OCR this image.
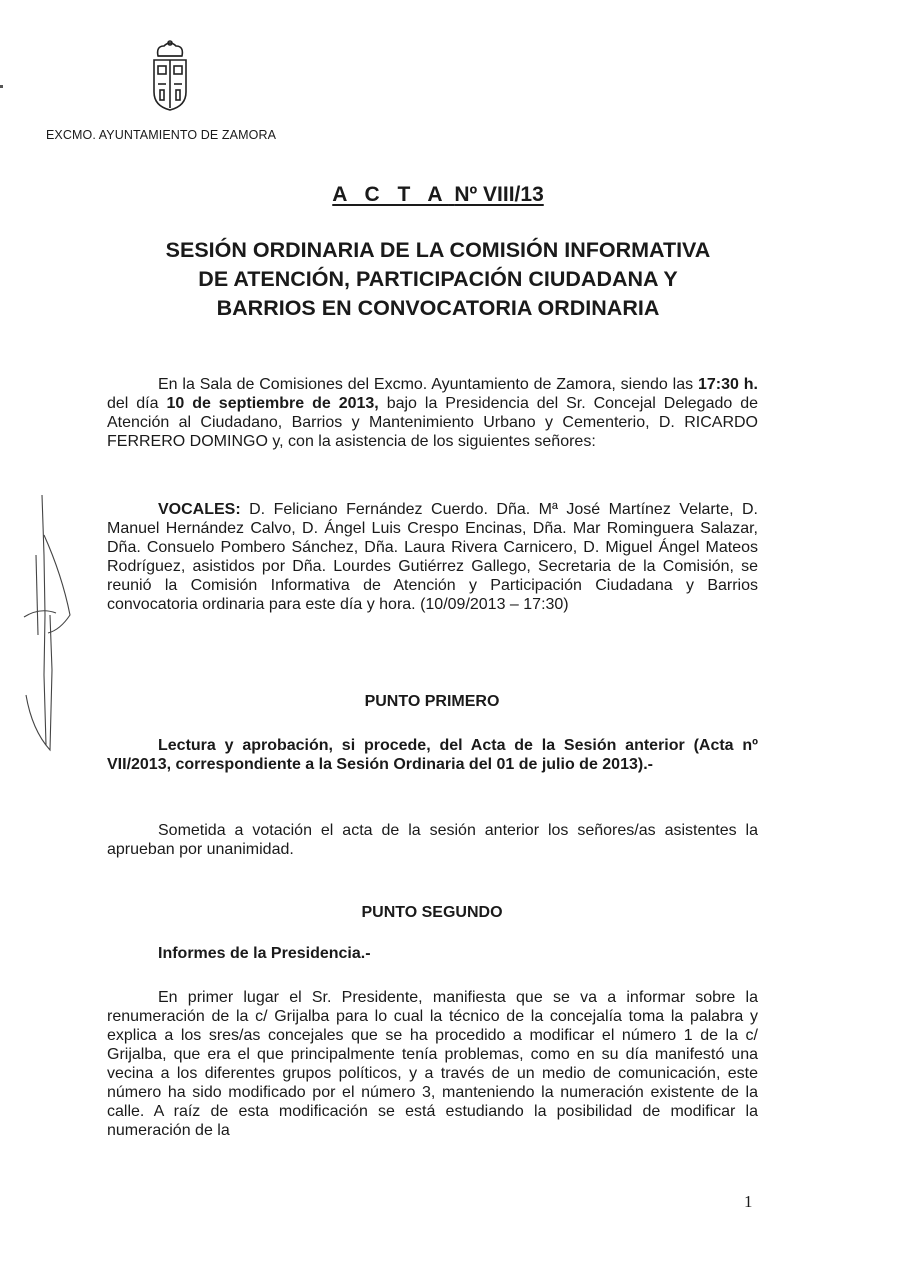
EXCMO. AYUNTAMIENTO DE ZAMORA
A C T A Nº VIII/13
SESIÓN ORDINARIA DE LA COMISIÓN INFORMATIVA
DE ATENCIÓN, PARTICIPACIÓN CIUDADANA Y
BARRIOS EN CONVOCATORIA ORDINARIA

En la Sala de Comisiones del Excmo. Ayuntamiento de Zamora, siendo las 17:30 h. del día 10 de septiembre de 2013, bajo la Presidencia del Sr. Concejal Delegado de Atención al Ciudadano, Barrios y Mantenimiento Urbano y Cementerio, D. RICARDO FERRERO DOMINGO y, con la asistencia de los siguientes señores:

VOCALES: D. Feliciano Fernández Cuerdo. Dña. Mª José Martínez Velarte, D. Manuel Hernández Calvo, D. Ángel Luis Crespo Encinas, Dña. Mar Rominguera Salazar, Dña. Consuelo Pombero Sánchez, Dña. Laura Rivera Carnicero, D. Miguel Ángel Mateos Rodríguez, asistidos por Dña. Lourdes Gutiérrez Gallego, Secretaria de la Comisión, se reunió la Comisión Informativa de Atención y Participación Ciudadana y Barrios convocatoria ordinaria para este día y hora. (10/09/2013 – 17:30)

PUNTO PRIMERO

Lectura y aprobación, si procede, del Acta de la Sesión anterior (Acta nº VII/2013, correspondiente a la Sesión Ordinaria del 01 de julio de 2013).-

Sometida a votación el acta de la sesión anterior los señores/as asistentes la aprueban por unanimidad.

PUNTO SEGUNDO
Informes de la Presidencia.-

En primer lugar el Sr. Presidente, manifiesta que se va a informar sobre la renumeración de la c/ Grijalba para lo cual la técnico de la concejalía toma la palabra y explica a los sres/as concejales que se ha procedido a modificar el número 1 de la c/ Grijalba, que era el que principalmente tenía problemas, como en su día manifestó una vecina a los diferentes grupos políticos, y a través de un medio de comunicación, este número ha sido modificado por el número 3, manteniendo la numeración existente de la calle. A raíz de esta modificación se está estudiando la posibilidad de modificar la numeración de la

1
